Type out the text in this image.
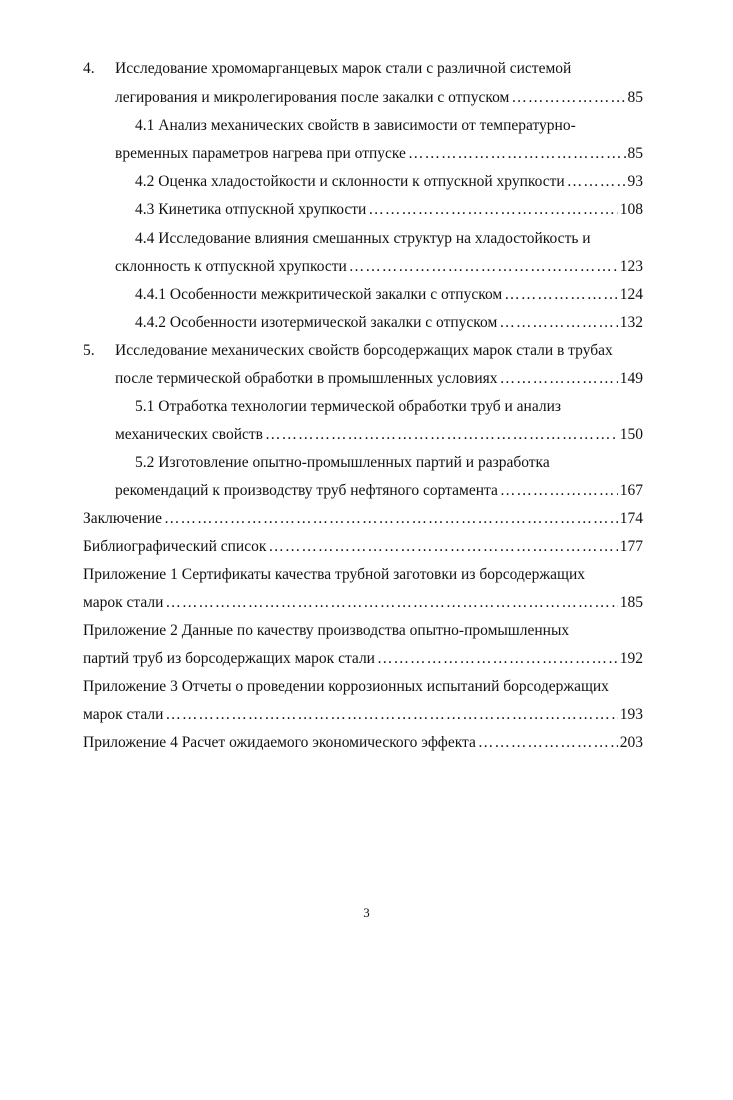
4. Исследование хромомарганцевых марок стали с различной системой
легирования и микролегирования после закалки с отпуском ……………………………………………………………………………………………………………………………………………………………………………………………………	85
4.1 Анализ механических свойств в зависимости от температурно-
временных параметров нагрева при отпуске ……………………………………………………………………………………………………………………………………………………………………………………………………	85
4.2 Оценка хладостойкости и склонности к отпускной хрупкости ……………………………………………………………………………………………………………………………………………………………………………………………………	93
4.3 Кинетика отпускной хрупкости ……………………………………………………………………………………………………………………………………………………………………………………………………	108
4.4 Исследование влияния смешанных структур на хладостойкость и
склонность к отпускной хрупкости ……………………………………………………………………………………………………………………………………………………………………………………………………	123
4.4.1 Особенности межкритической закалки с отпуском ……………………………………………………………………………………………………………………………………………………………………………………………………	124
4.4.2 Особенности изотермической закалки с отпуском ……………………………………………………………………………………………………………………………………………………………………………………………………	132
5. Исследование механических свойств борсодержащих марок стали в трубах
после термической обработки в промышленных условиях ……………………………………………………………………………………………………………………………………………………………………………………………………	149
5.1 Отработка технологии термической обработки труб и анализ
механических свойств ……………………………………………………………………………………………………………………………………………………………………………………………………	150
5.2 Изготовление опытно-промышленных партий и разработка
рекомендаций к производству труб нефтяного сортамента ……………………………………………………………………………………………………………………………………………………………………………………………………	167
Заключение ……………………………………………………………………………………………………………………………………………………………………………………………………	174
Библиографический список ……………………………………………………………………………………………………………………………………………………………………………………………………	177
Приложение 1 Сертификаты качества трубной заготовки из борсодержащих
марок стали ……………………………………………………………………………………………………………………………………………………………………………………………………	185
Приложение 2 Данные по качеству производства опытно-промышленных
партий труб из борсодержащих марок стали ……………………………………………………………………………………………………………………………………………………………………………………………………	192
Приложение 3 Отчеты о проведении коррозионных испытаний борсодержащих
марок стали ……………………………………………………………………………………………………………………………………………………………………………………………………	193
Приложение 4 Расчет ожидаемого экономического эффекта ……………………………………………………………………………………………………………………………………………………………………………………………………	203
3
